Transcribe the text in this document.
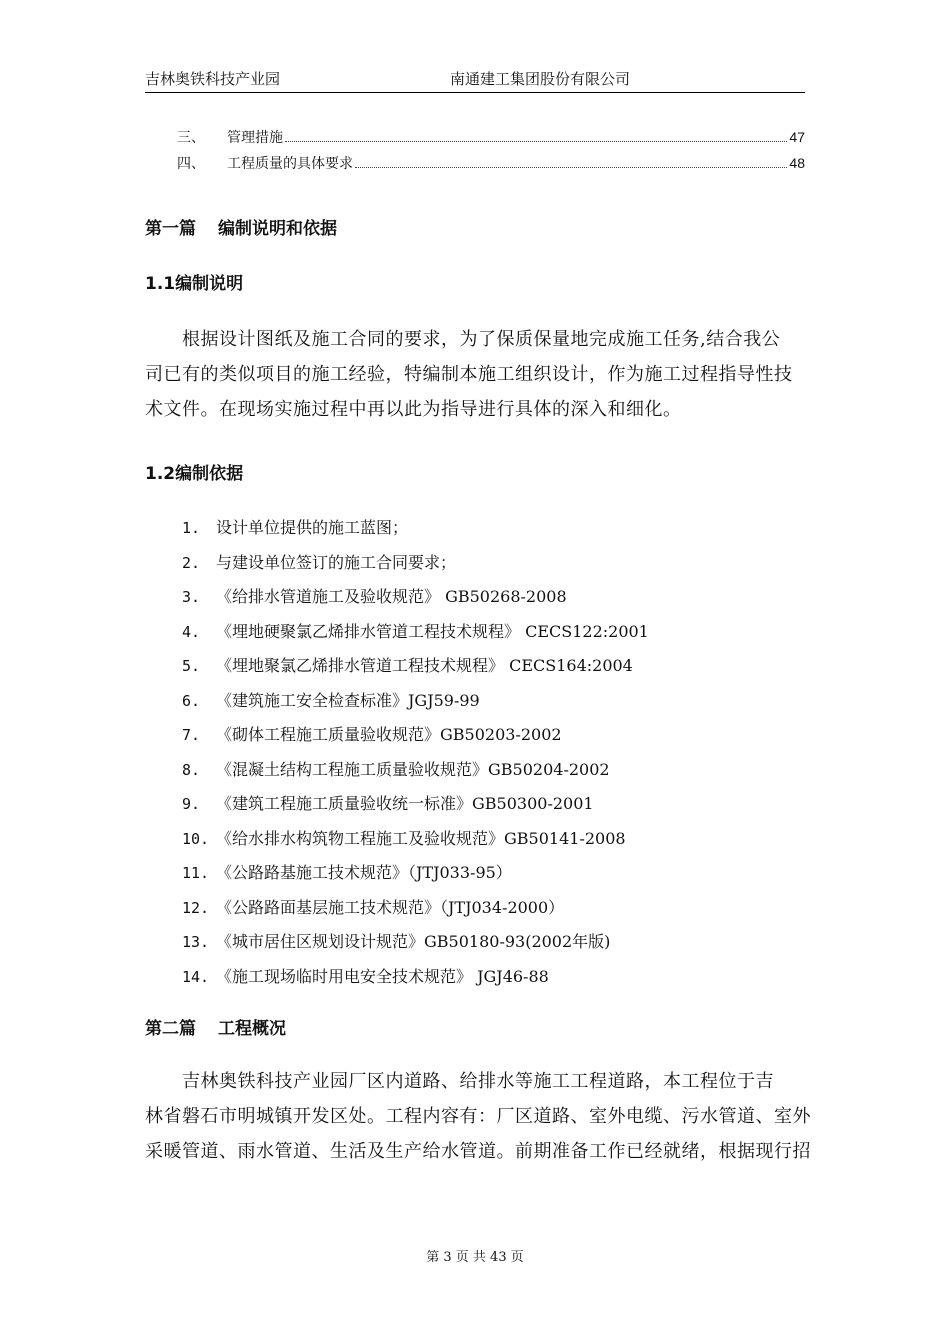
吉林奥铁科技产业园	南通建工集团股份有限公司
三、	管理措施	47
四、	工程质量的具体要求	48
第一篇 编制说明和依据
1.1编制说明
　　根据设计图纸及施工合同的要求，为了保质保量地完成施工任务,结合我公
司已有的类似项目的施工经验，特编制本施工组织设计，作为施工过程指导性技
术文件。在现场实施过程中再以此为指导进行具体的深入和细化。
1.2编制依据
1. 设计单位提供的施工蓝图；
2. 与建设单位签订的施工合同要求；
3. 《给排水管道施工及验收规范》 GB50268-2008
4. 《埋地硬聚氯乙烯排水管道工程技术规程》 CECS122:2001
5. 《埋地聚氯乙烯排水管道工程技术规程》 CECS164:2004
6. 《建筑施工安全检查标准》JGJ59-99
7. 《砌体工程施工质量验收规范》GB50203-2002
8. 《混凝土结构工程施工质量验收规范》GB50204-2002
9. 《建筑工程施工质量验收统一标准》GB50300-2001
10. 《给水排水构筑物工程施工及验收规范》GB50141-2008
11. 《公路路基施工技术规范》（JTJ033-95）
12. 《公路路面基层施工技术规范》（JTJ034-2000）
13. 《城市居住区规划设计规范》GB50180-93(2002年版)
14. 《施工现场临时用电安全技术规范》 JGJ46-88
第二篇 工程概况
　　吉林奥铁科技产业园厂区内道路、给排水等施工工程道路，本工程位于吉
林省磐石市明城镇开发区处。工程内容有：厂区道路、室外电缆、污水管道、室外
采暖管道、雨水管道、生活及生产给水管道。前期准备工作已经就绪，根据现行招
第 3 页 共 43 页
